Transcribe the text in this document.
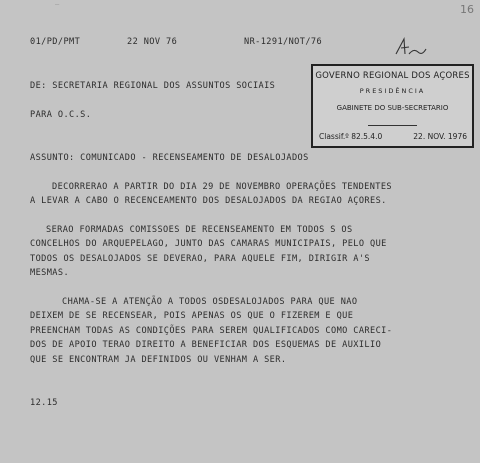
—	16
01/PD/PMT	22 NOV 76	NR-1291/NOT/76
DE: SECRETARIA REGIONAL DOS ASSUNTOS SOCIAIS
PARA O.C.S.
ASSUNTO: COMUNICADO - RECENSEAMENTO DE DESALOJADOS
DECORRERAO A PARTIR DO DIA 29 DE NOVEMBRO OPERAÇÕES TENDENTES
A LEVAR A CABO O RECENCEAMENTO DOS DESALOJADOS DA REGIAO AÇORES.
SERAO FORMADAS COMISSOES DE RECENSEAMENTO EM TODOS S OS
CONCELHOS DO ARQUEPELAGO, JUNTO DAS CAMARAS MUNICIPAIS, PELO QUE
TODOS OS DESALOJADOS SE DEVERAO, PARA AQUELE FIM, DIRIGIR A'S
MESMAS.
CHAMA-SE A ATENÇÃO A TODOS OSDESALOJADOS PARA QUE NAO
DEIXEM DE SE RECENSEAR, POIS APENAS OS QUE O FIZEREM E QUE
PREENCHAM TODAS AS CONDIÇÕES PARA SEREM QUALIFICADOS COMO CARECI-
DOS DE APOIO TERAO DIREITO A BENEFICIAR DOS ESQUEMAS DE AUXILIO
QUE SE ENCONTRAM JA DEFINIDOS OU VENHAM A SER.
12.15
GOVERNO REGIONAL DOS AÇORES
PRESIDÊNCIA
GABINETE DO SUB-SECRETARIO
Classif.º 82.5.4.0	22. NOV. 1976
